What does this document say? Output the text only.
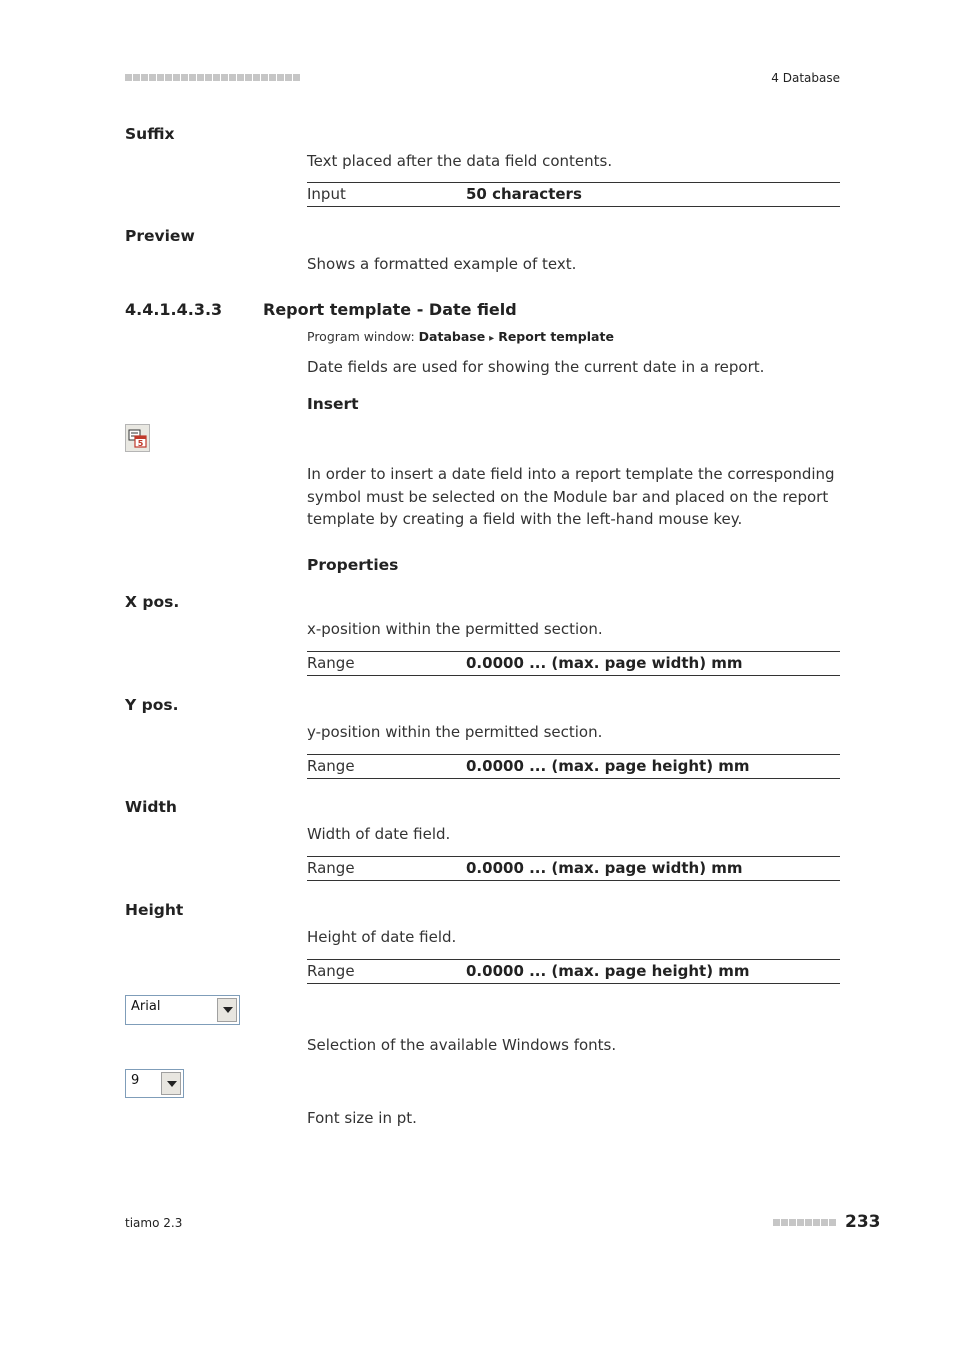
4 Database
Suffix
Text placed after the data field contents.
Input	50 characters
Preview
Shows a formatted example of text.
4.4.1.4.3.3	Report template - Date field
Program window: Database ▸ Report template
Date fields are used for showing the current date in a report.
Insert
5
In order to insert a date field into a report template the corresponding
symbol must be selected on the Module bar and placed on the report
template by creating a field with the left-hand mouse key.
Properties
X pos.
x-position within the permitted section.
Range	0.0000 ... (max. page width) mm
Y pos.
y-position within the permitted section.
Range	0.0000 ... (max. page height) mm
Width
Width of date field.
Range	0.0000 ... (max. page width) mm
Height
Height of date field.
Range	0.0000 ... (max. page height) mm
Arial
Selection of the available Windows fonts.
9
Font size in pt.
tiamo 2.3	233
